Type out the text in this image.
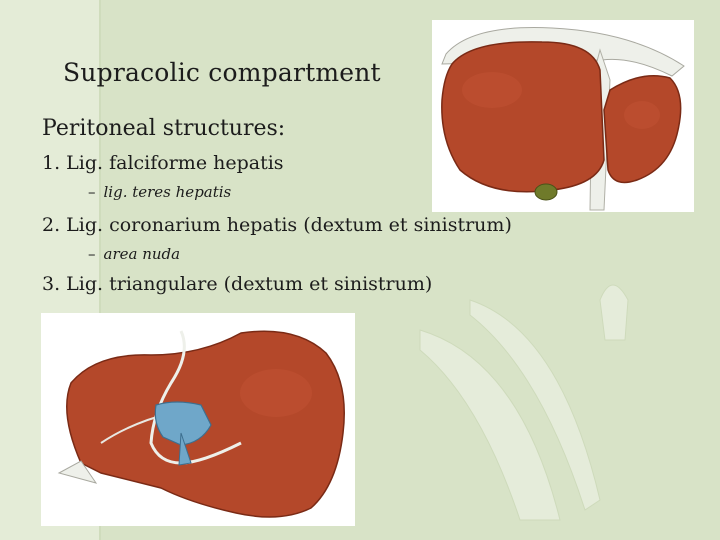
Supracolic compartment
Peritoneal structures:
1. Lig. falciforme hepatis
– lig. teres hepatis
2. Lig. coronarium hepatis (dextum et sinistrum)
– area nuda
3. Lig. triangulare (dextum et sinistrum)
